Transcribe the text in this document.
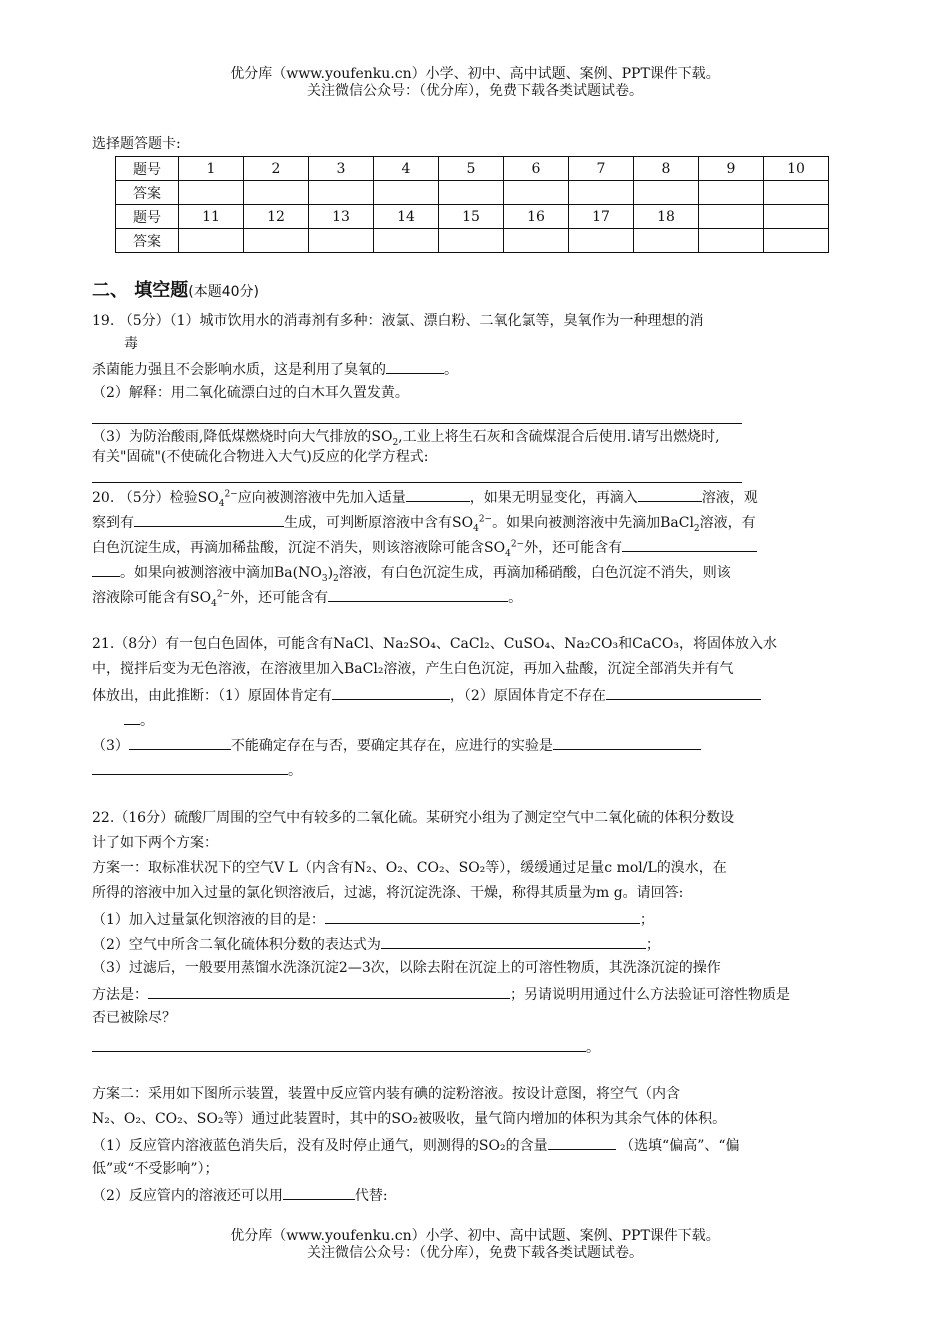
优分库（www.youfenku.cn）小学、初中、高中试题、案例、PPT课件下载。
关注微信公众号：（优分库），免费下载各类试题试卷。
选择题答题卡:
题号	1	2	3	4	5	6	7	8	9	10
答案										
题号	11	12	13	14	15	16	17	18		
答案										
二、 填空题(本题40分)
19. （5分）（1）城市饮用水的消毒剂有多种：液氯、漂白粉、二氧化氯等，臭氧作为一种理想的消
毒
杀菌能力强且不会影响水质，这是利用了臭氧的	。
（2）解释：用二氧化硫漂白过的白木耳久置发黄。
（3）为防治酸雨,降低煤燃烧时向大气排放的$SO_2$,工业上将生石灰和含硫煤混合后使用.请写出燃烧时,
有关"固硫"(不使硫化合物进入大气)反应的化学方程式:
20. （5分）检验$SO_4^{2-}$应向被测溶液中先加入适量	，如果无明显变化，再滴入	溶液，观
察到有	生成，可判断原溶液中含有$SO_4^{2-}$。如果向被测溶液中先滴加BaCl$_2$溶液，有
白色沉淀生成，再滴加稀盐酸，沉淀不消失，则该溶液除可能含$SO_4^{2-}$外，还可能含有
。如果向被测溶液中滴加$Ba(NO_3)_2$溶液，有白色沉淀生成，再滴加稀硝酸，白色沉淀不消失，则该
溶液除可能含有$SO_4^{2-}$外，还可能含有	。
21.（8分）有一包白色固体，可能含有NaCl、Na₂SO₄、CaCl₂、CuSO₄、Na₂CO₃和CaCO₃，将固体放入水
中，搅拌后变为无色溶液，在溶液里加入BaCl₂溶液，产生白色沉淀，再加入盐酸，沉淀全部消失并有气
体放出，由此推断：（1）原固体肯定有	，（2）原固体肯定不存在
。
（3）	不能确定存在与否，要确定其存在，应进行的实验是
。
22.（16分）硫酸厂周围的空气中有较多的二氧化硫。某研究小组为了测定空气中二氧化硫的体积分数设
计了如下两个方案：
方案一：取标准状况下的空气V L（内含有N₂、O₂、CO₂、SO₂等），缓缓通过足量c mol/L的溴水，在
所得的溶液中加入过量的氯化钡溶液后，过滤，将沉淀洗涤、干燥，称得其质量为m g。请回答:
（1）加入过量氯化钡溶液的目的是：	；
（2）空气中所含二氧化硫体积分数的表达式为	；
（3）过滤后，一般要用蒸馏水洗涤沉淀2—3次，以除去附在沉淀上的可溶性物质，其洗涤沉淀的操作
方法是：	；另请说明用通过什么方法验证可溶性物质是
否已被除尽？
。
方案二：采用如下图所示装置，装置中反应管内装有碘的淀粉溶液。按设计意图，将空气（内含
N₂、O₂、CO₂、SO₂等）通过此装置时，其中的SO₂被吸收，量气筒内增加的体积为其余气体的体积。
（1）反应管内溶液蓝色消失后，没有及时停止通气，则测得的SO₂的含量	（选填“偏高”、“偏
低”或“不受影响”）；
（2）反应管内的溶液还可以用	代替:
优分库（www.youfenku.cn）小学、初中、高中试题、案例、PPT课件下载。
关注微信公众号：（优分库），免费下载各类试题试卷。
